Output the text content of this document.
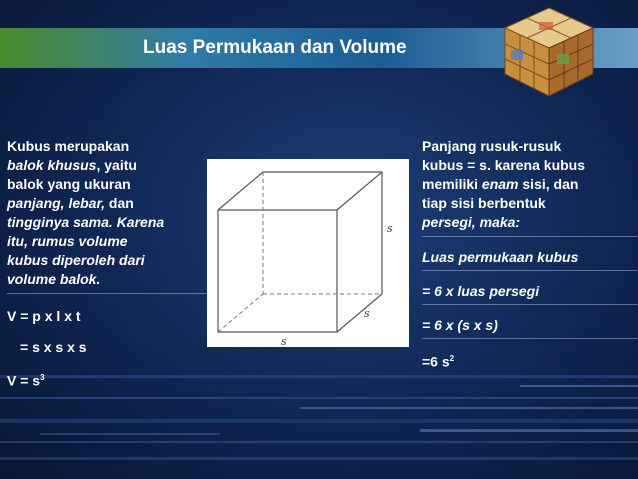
Luas Permukaan dan Volume

Kubus merupakan
balok khusus, yaitu
balok yang ukuran
panjang, lebar, dan
tingginya sama. Karena
itu, rumus volume
kubus diperoleh dari
volume balok.

V = p x l x t
= s x s x s
$V = s^3$
s
s
s

Panjang rusuk-rusuk
kubus = s. karena kubus
memiliki enam sisi, dan
tiap sisi berbentuk
persegi, maka:

Luas permukaan kubus
= 6 x luas persegi
= 6 x (s x s)
=6 $s^2$
